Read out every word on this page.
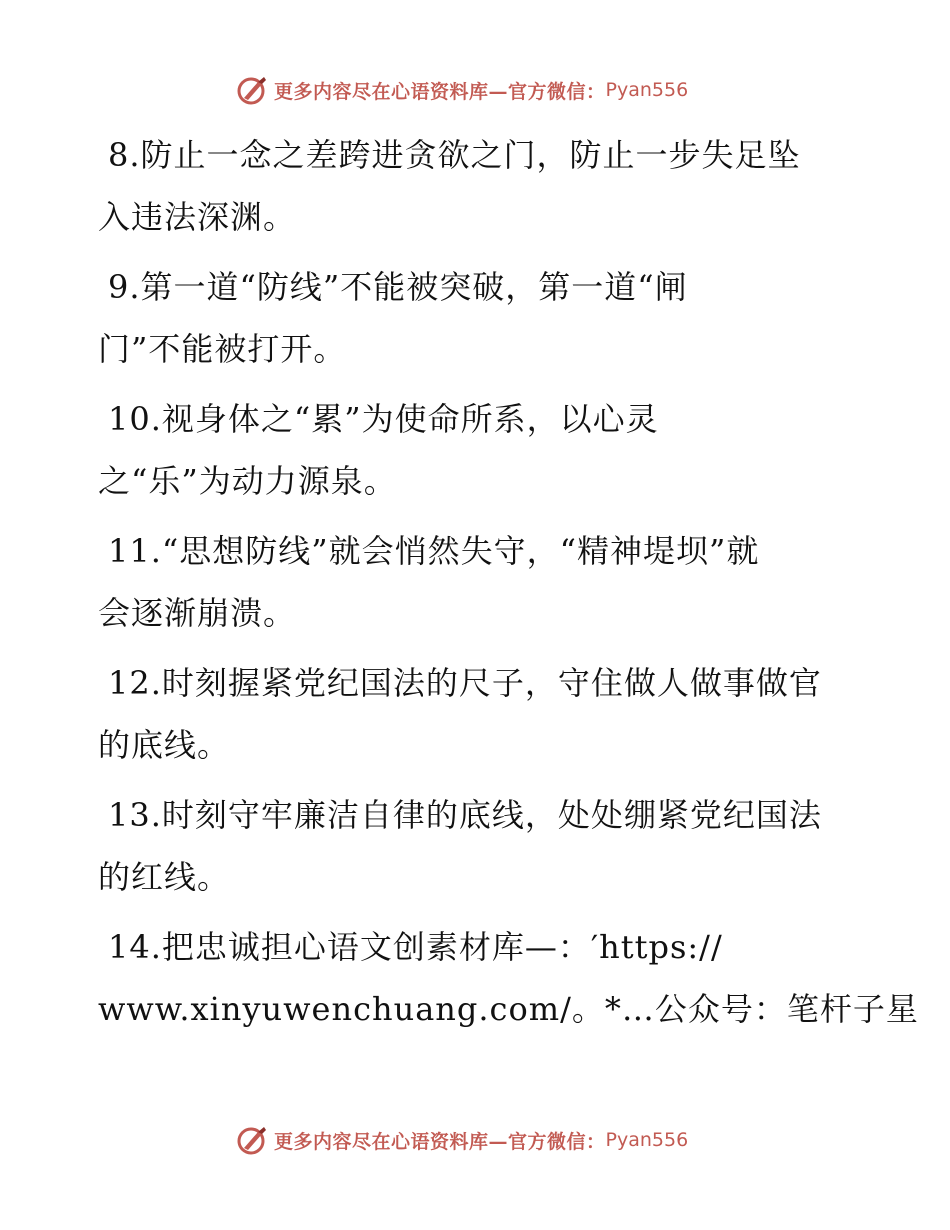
更多内容尽在心语资料库—官方微信： Pyan556
8.防止一念之差跨进贪欲之门，防止一步失足坠
入违法深渊。
9.第一道“防线”不能被突破，第一道“闸
门”不能被打开。
10.视身体之“累”为使命所系，以心灵
之“乐”为动力源泉。
11.“思想防线”就会悄然失守，“精神堤坝”就
会逐渐崩溃。
12.时刻握紧党纪国法的尺子，守住做人做事做官
的底线。
13.时刻守牢廉洁自律的底线，处处绷紧党纪国法
的红线。
14.把忠诚担心语文创素材库—：′https://
www.xinyuwenchuang.com/。*…公众号：笔杆子星
更多内容尽在心语资料库—官方微信： Pyan556
